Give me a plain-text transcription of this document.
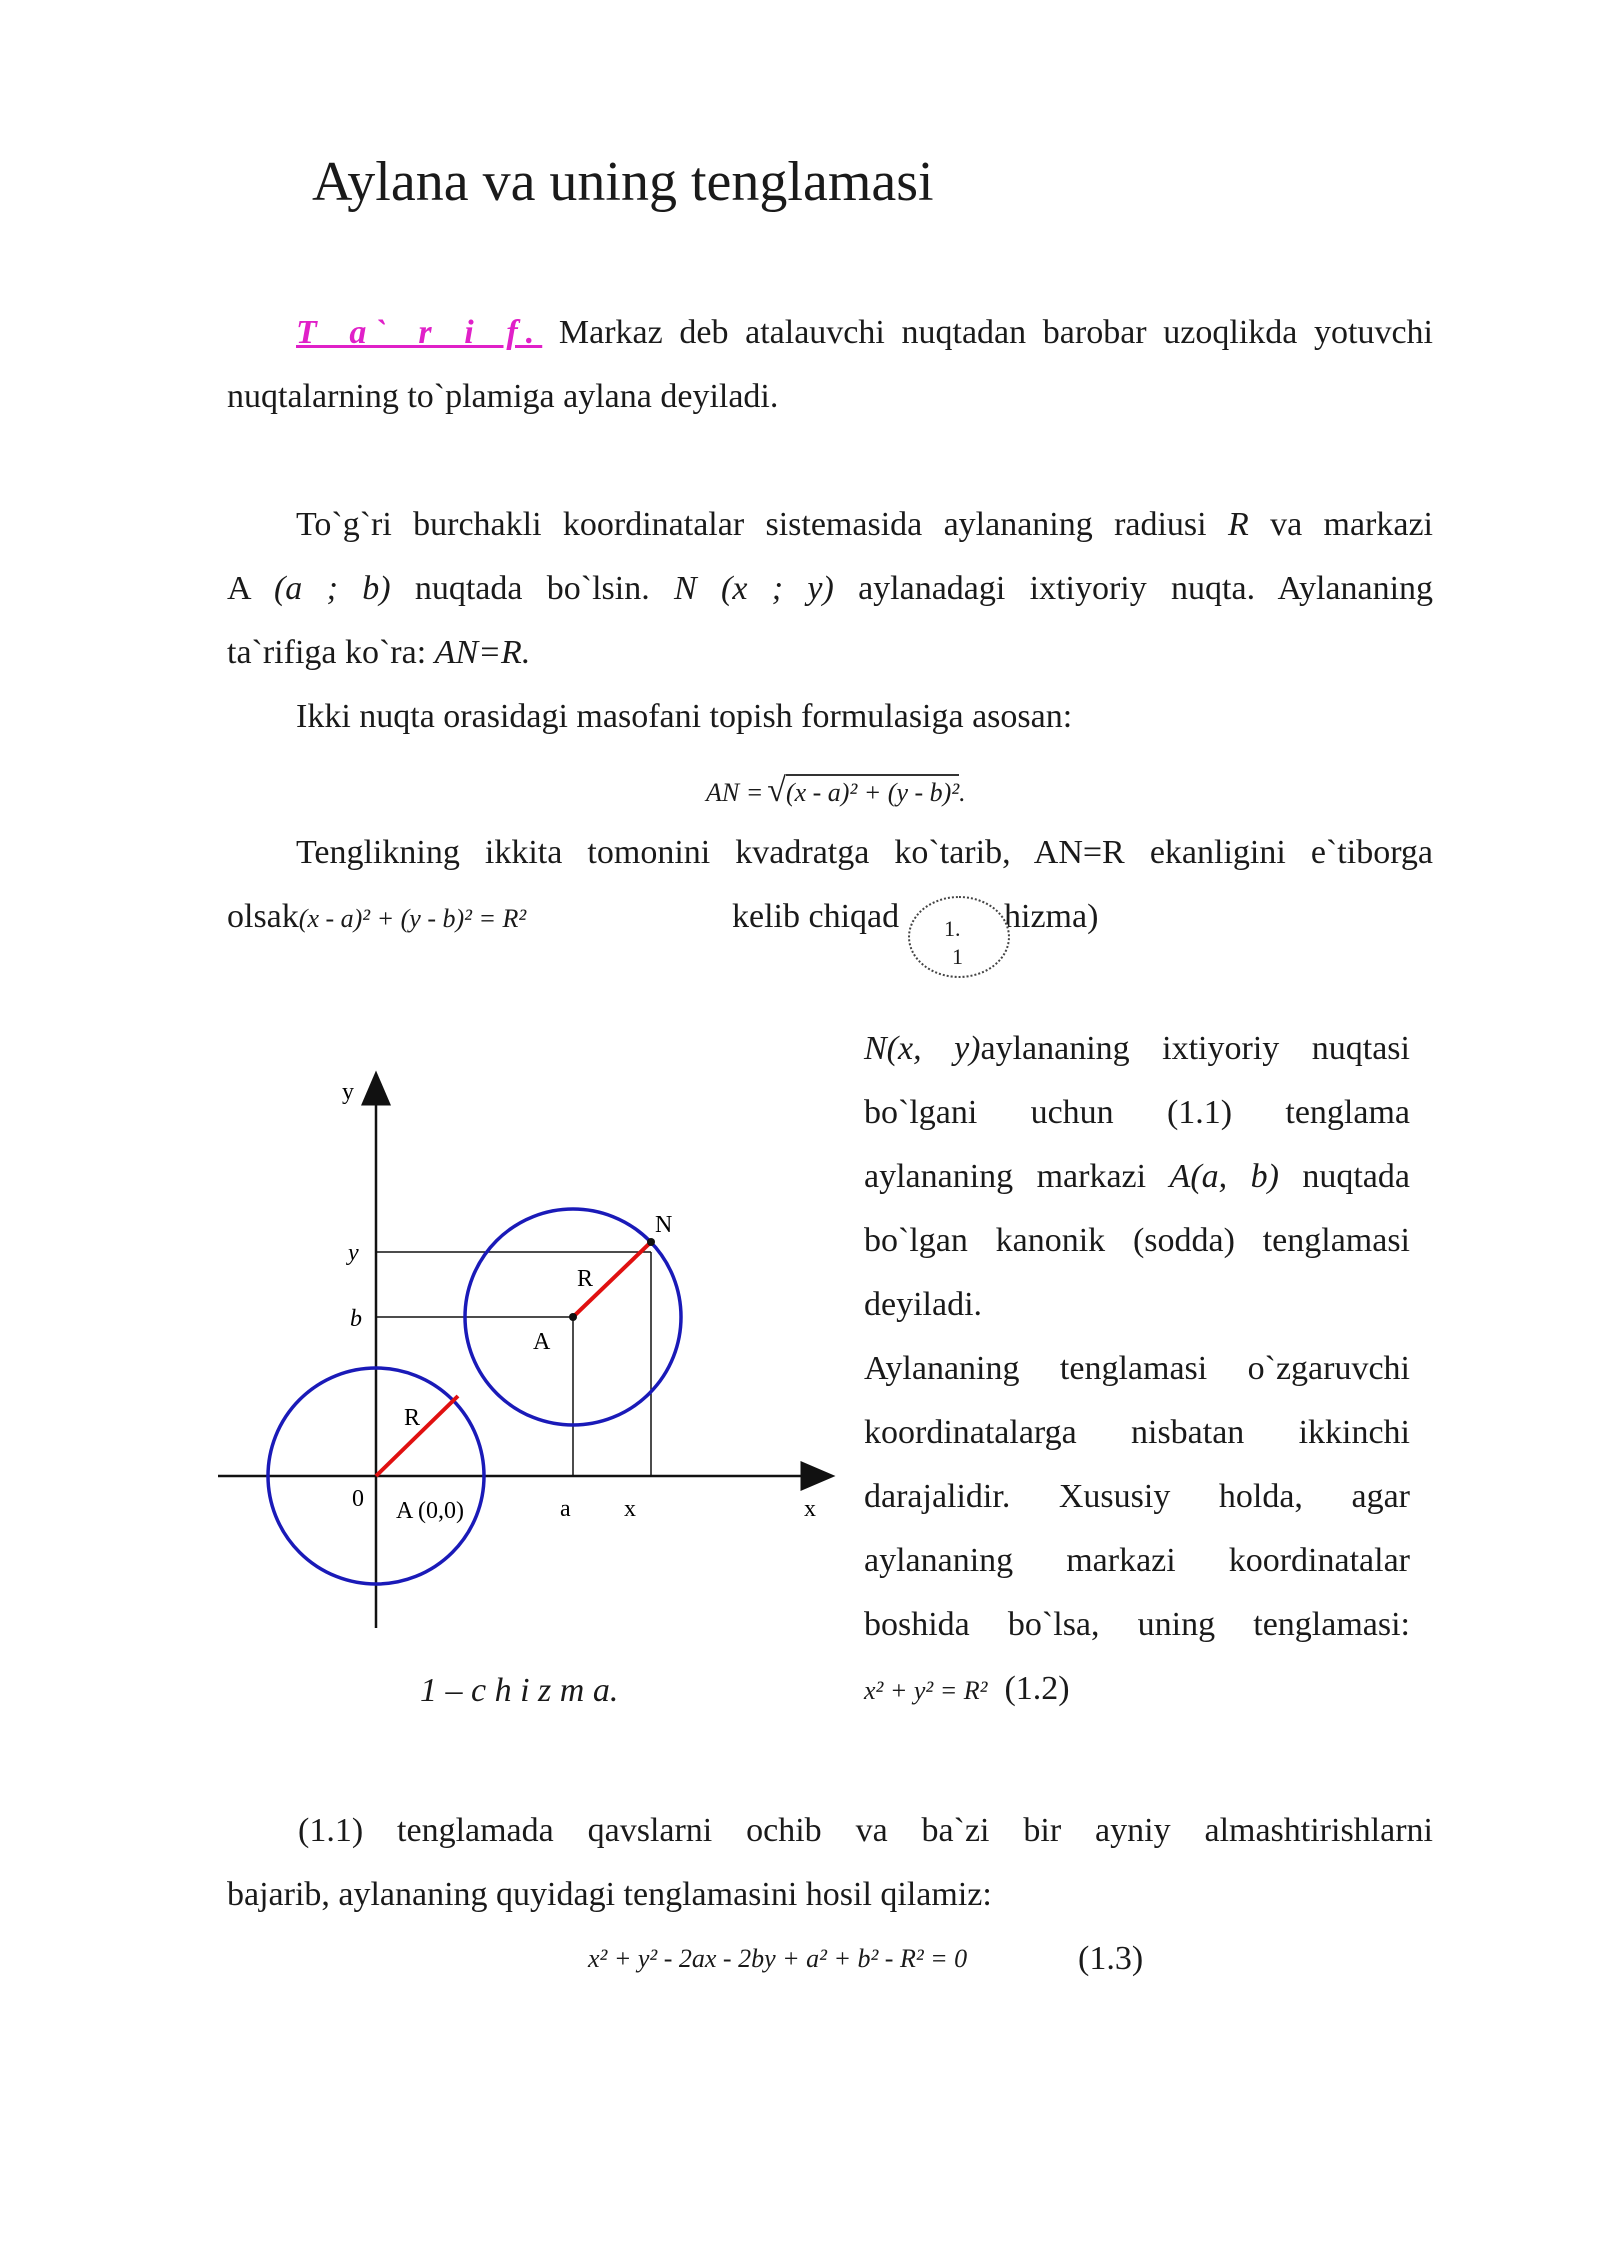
Aylana va uning tenglamasi
T a` r i f. Markaz deb atalauvchi nuqtadan barobar uzoqlikda yotuvchi
nuqtalarning to`plamiga aylana deyiladi.
To`g`ri burchakli koordinatalar sistemasida aylananing radiusi R va markazi
A (a ; b) nuqtada bo`lsin. N (x ; y) aylanadagi ixtiyoriy nuqta. Aylananing
ta`rifiga ko`ra: AN=R.
Ikki nuqta orasidagi masofani topish formulasiga asosan:
AN = √(x - a)² + (y - b)².
Tenglikning ikkita tomonini kvadratga ko`tarib, AN=R ekanligini e`tiborga
olsak(x - a)² + (y - b)² = R²	kelib chiqad	hizma)
1.
1
y
x
y
b
0	a x
N
R
A
R
A (0,0)
1 – c h i z m a.
N(x, y)aylananing ixtiyoriy nuqtasi
bo`lgani uchun (1.1) tenglama
aylananing markazi A(a, b) nuqtada
bo`lgan kanonik (sodda) tenglamasi
deyiladi.
Aylananing tenglamasi o`zgaruvchi
koordinatalarga nisbatan ikkinchi
darajalidir. Xususiy holda, agar
aylananing markazi koordinatalar
boshida bo`lsa, uning tenglamasi:
x² + y² = R² (1.2)
(1.1) tenglamada qavslarni ochib va ba`zi bir ayniy almashtirishlarni
bajarib, aylananing quyidagi tenglamasini hosil qilamiz:
x² + y² - 2ax - 2by + a² + b² - R² = 0	(1.3)
